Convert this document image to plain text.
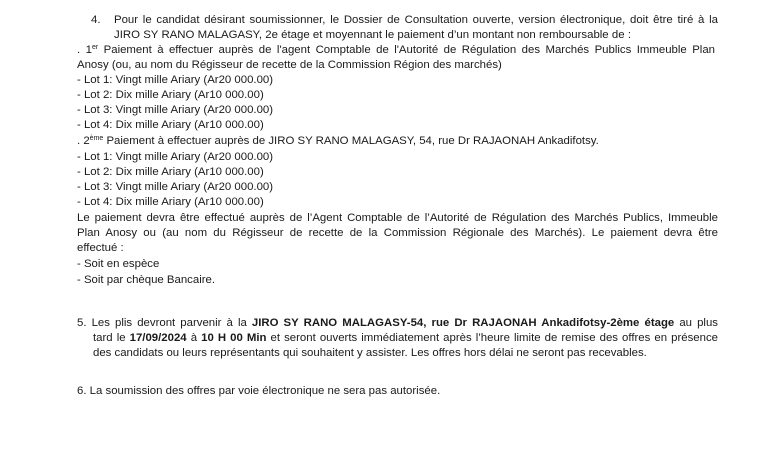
4. Pour le candidat désirant soumissionner, le Dossier de Consultation ouverte, version électronique, doit être tiré à la
JIRO SY RANO MALAGASY, 2e étage et moyennant le paiement d’un montant non remboursable de :
. 1er Paiement à effectuer auprès de l'agent Comptable de l'Autorité de Régulation des Marchés Publics Immeuble Plan
Anosy (ou, au nom du Régisseur de recette de la Commission Région des marchés)
- Lot 1: Vingt mille Ariary (Ar20 000.00)
- Lot 2: Dix mille Ariary (Ar10 000.00)
- Lot 3: Vingt mille Ariary (Ar20 000.00)
- Lot 4: Dix mille Ariary (Ar10 000.00)
. 2ème Paiement à effectuer auprès de JIRO SY RANO MALAGASY, 54, rue Dr RAJAONAH Ankadifotsy.
- Lot 1: Vingt mille Ariary (Ar20 000.00)
- Lot 2: Dix mille Ariary (Ar10 000.00)
- Lot 3: Vingt mille Ariary (Ar20 000.00)
- Lot 4: Dix mille Ariary (Ar10 000.00)
Le paiement devra être effectué auprès de l’Agent Comptable de l’Autorité de Régulation des Marchés Publics, Immeuble
Plan Anosy ou (au nom du Régisseur de recette de la Commission Régionale des Marchés). Le paiement devra être
effectué :
- Soit en espèce
- Soit par chèque Bancaire.
5. Les plis devront parvenir à la JIRO SY RANO MALAGASY-54, rue Dr RAJAONAH Ankadifotsy-2ème étage au plus
tard le 17/09/2024 à 10 H 00 Min et seront ouverts immédiatement après l’heure limite de remise des offres en présence
des candidats ou leurs représentants qui souhaitent y assister. Les offres hors délai ne seront pas recevables.
6. La soumission des offres par voie électronique ne sera pas autorisée.
